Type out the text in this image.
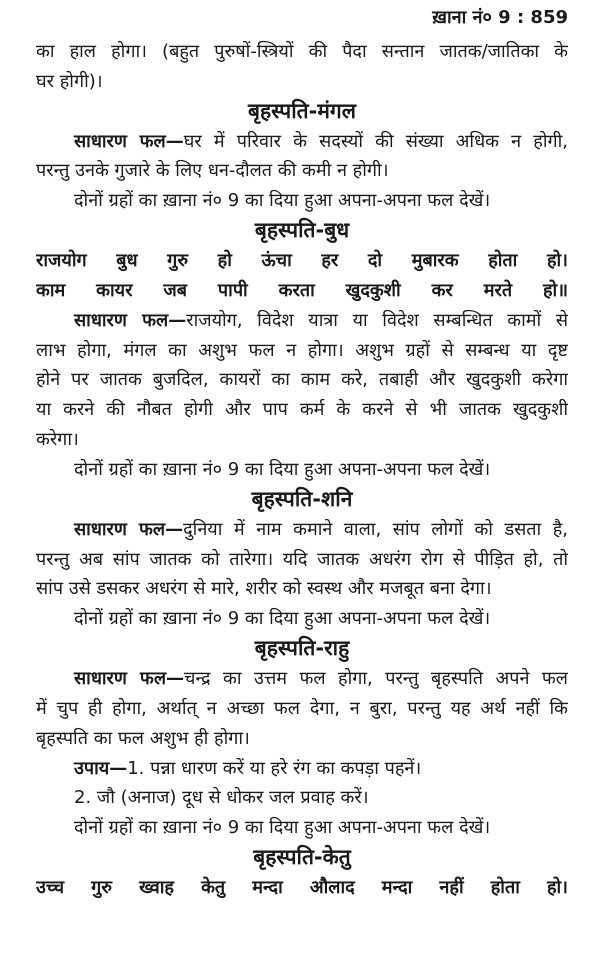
ख़ाना नं० 9 : 859
का हाल होगा। (बहुत पुरुषों-स्त्रियों की पैदा सन्तान जातक/जातिका के
घर होगी)।
बृहस्पति-मंगल
साधारण फल—घर में परिवार के सदस्यों की संख्या अधिक न होगी,
परन्तु उनके गुजारे के लिए धन-दौलत की कमी न होगी।
दोनों ग्रहों का ख़ाना नं० 9 का दिया हुआ अपना-अपना फल देखें।
बृहस्पति-बुध
राजयोग बुध गुरु हो ऊंचा हर दो मुबारक होता हो।
काम कायर जब पापी करता खुदकुशी कर मरते हो॥
साधारण फल—राजयोग, विदेश यात्रा या विदेश सम्बन्धित कामों से
लाभ होगा, मंगल का अशुभ फल न होगा। अशुभ ग्रहों से सम्बन्ध या दृष्ट
होने पर जातक बुजदिल, कायरों का काम करे, तबाही और खुदकुशी करेगा
या करने की नौबत होगी और पाप कर्म के करने से भी जातक खुदकुशी
करेगा।
दोनों ग्रहों का ख़ाना नं० 9 का दिया हुआ अपना-अपना फल देखें।
बृहस्पति-शनि
साधारण फल—दुनिया में नाम कमाने वाला, सांप लोगों को डसता है,
परन्तु अब सांप जातक को तारेगा। यदि जातक अधरंग रोग से पीड़ित हो, तो
सांप उसे डसकर अधरंग से मारे, शरीर को स्वस्थ और मजबूत बना देगा।
दोनों ग्रहों का ख़ाना नं० 9 का दिया हुआ अपना-अपना फल देखें।
बृहस्पति-राहु
साधारण फल—चन्द्र का उत्तम फल होगा, परन्तु बृहस्पति अपने फल
में चुप ही होगा, अर्थात् न अच्छा फल देगा, न बुरा, परन्तु यह अर्थ नहीं कि
बृहस्पति का फल अशुभ ही होगा।
उपाय—1. पन्ना धारण करें या हरे रंग का कपड़ा पहनें।
2. जौ (अनाज) दूध से धोकर जल प्रवाह करें।
दोनों ग्रहों का ख़ाना नं० 9 का दिया हुआ अपना-अपना फल देखें।
बृहस्पति-केतु
उच्च गुरु ख्वाह केतु मन्दा औलाद मन्दा नहीं होता हो।
